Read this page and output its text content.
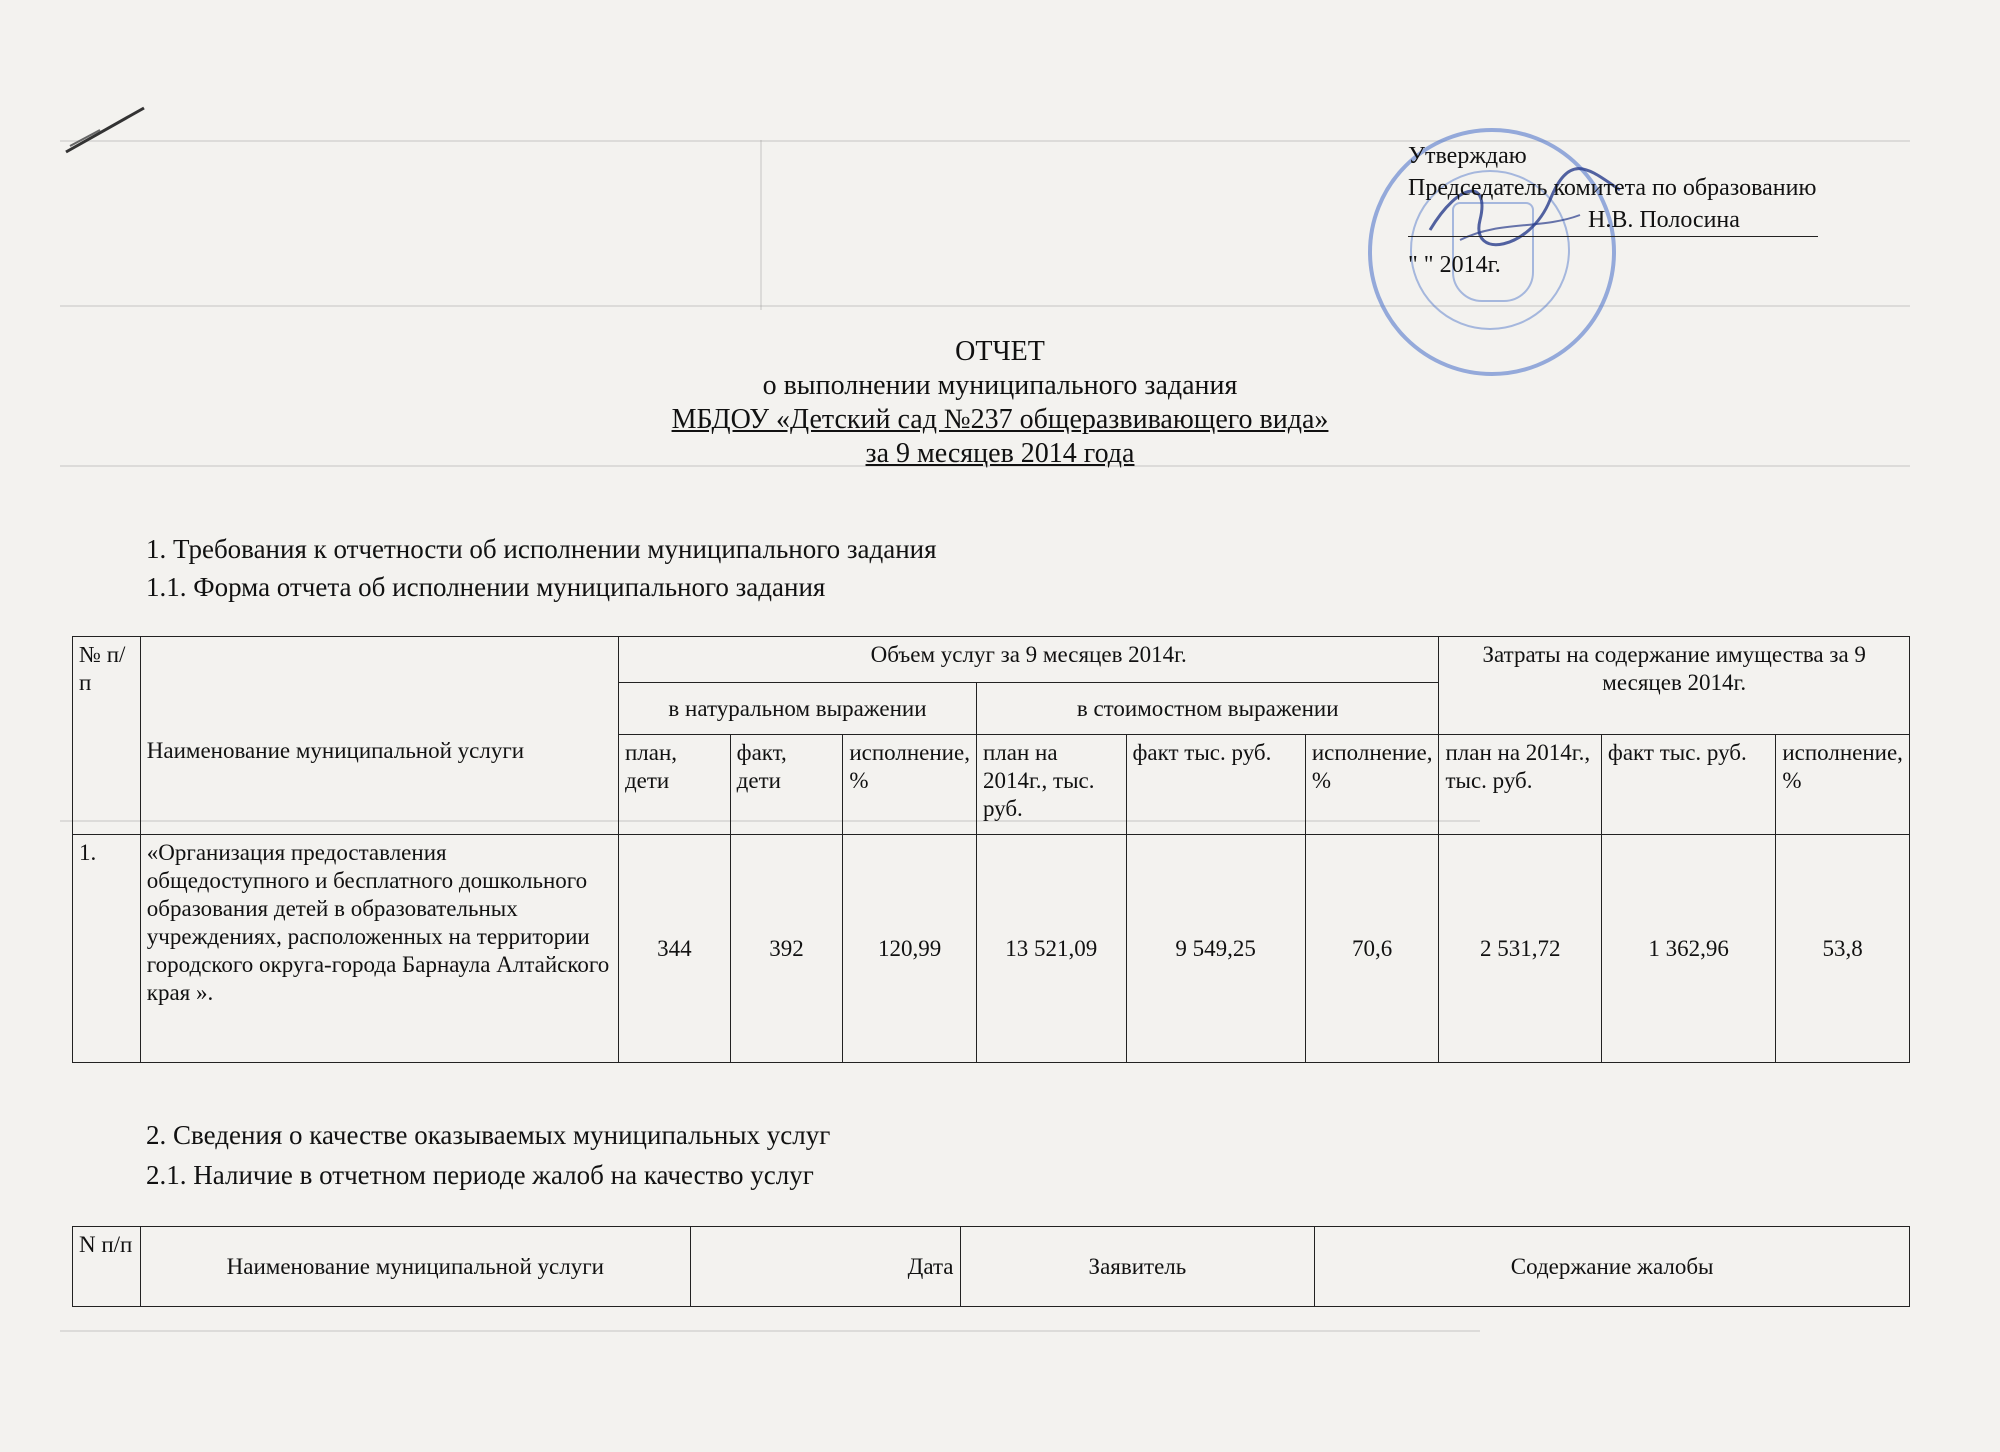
Утверждаю
Председатель комитета по образованию
Н.В. Полосина
" " 2014г.
ОТЧЕТ
о выполнении муниципального задания
МБДОУ «Детский сад №237 общеразвивающего вида»
за 9 месяцев 2014 года
1. Требования к отчетности об исполнении муниципального задания
1.1. Форма отчета об исполнении муниципального задания
№ п/п	Наименование муниципальной услуги	Объем услуг за 9 месяцев 2014г.						Затраты на содержание имущества за 9 месяцев 2014г.		
		в натуральном выражении			в стоимостном выражении					
		план, дети	факт, дети	исполнение, %	план на 2014г., тыс. руб.	факт тыс. руб.	исполнение, %	план на 2014г., тыс. руб.	факт тыс. руб.	исполнение, %
1.	«Организация предоставления общедоступного и бесплатного дошкольного образования детей в образовательных учреждениях, расположенных на территории городского округа-города Барнаула Алтайского края ».	344	392	120,99	13 521,09	9 549,25	70,6	2 531,72	1 362,96	53,8
2. Сведения о качестве оказываемых муниципальных услуг
2.1. Наличие в отчетном периоде жалоб на качество услуг
N п/п	Наименование муниципальной услуги	Дата	Заявитель	Содержание жалобы
